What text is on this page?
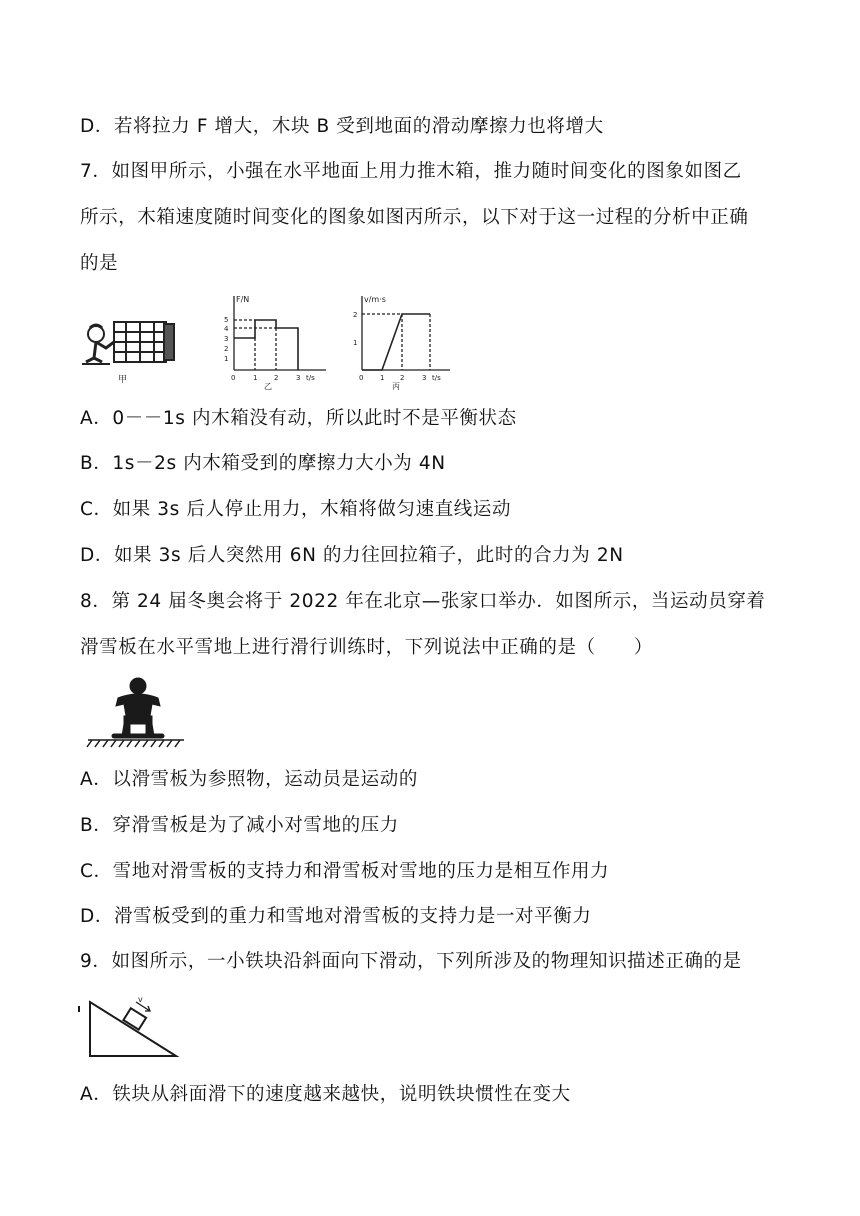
D．若将拉力 F 增大，木块 B 受到地面的滑动摩擦力也将增大
7．如图甲所示，小强在水平地面上用力推木箱，推力随时间变化的图象如图乙
所示，木箱速度随时间变化的图象如图丙所示，以下对于这一过程的分析中正确
的是
甲
F/N
5
4
3
2
1
0	1 2	3 t/s
乙
v/m·s
2
1
0 1 2	3 t/s
丙
A．0－－1s 内木箱没有动，所以此时不是平衡状态
B．1s－2s 内木箱受到的摩擦力大小为 4N
C．如果 3s 后人停止用力，木箱将做匀速直线运动
D．如果 3s 后人突然用 6N 的力往回拉箱子，此时的合力为 2N
8．第 24 届冬奥会将于 2022 年在北京—张家口举办．如图所示，当运动员穿着
滑雪板在水平雪地上进行滑行训练时，下列说法中正确的是（　　）
A．以滑雪板为参照物，运动员是运动的
B．穿滑雪板是为了减小对雪地的压力
C．雪地对滑雪板的支持力和滑雪板对雪地的压力是相互作用力
D．滑雪板受到的重力和雪地对滑雪板的支持力是一对平衡力
9．如图所示，一小铁块沿斜面向下滑动，下列所涉及的物理知识描述正确的是
v
A．铁块从斜面滑下的速度越来越快，说明铁块惯性在变大
